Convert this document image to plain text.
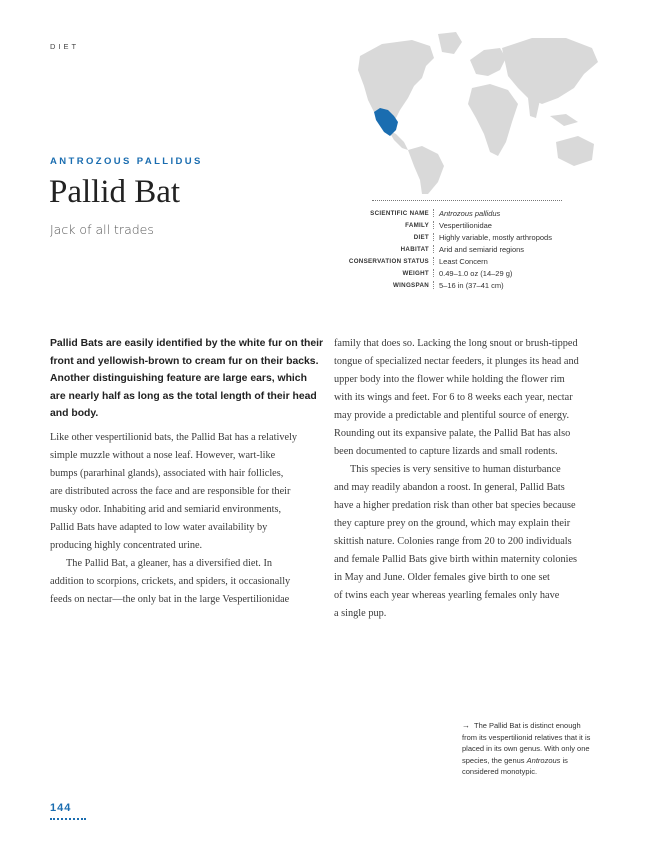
DIET
ANTROZOUS PALLIDUS
Pallid Bat
Jack of all trades
SCIENTIFIC NAME	Antrozous pallidus
FAMILY	Vespertilionidae
DIET	Highly variable, mostly arthropods
HABITAT	Arid and semiarid regions
CONSERVATION STATUS	Least Concern
WEIGHT	0.49–1.0 oz (14–29 g)
WINGSPAN	5–16 in (37–41 cm)
Pallid Bats are easily identified by the white fur on their
front and yellowish-brown to cream fur on their backs.
Another distinguishing feature are large ears, which
are nearly half as long as the total length of their head
and body.

Like other vespertilionid bats, the Pallid Bat has a relatively
simple muzzle without a nose leaf. However, wart-like
bumps (pararhinal glands), associated with hair follicles,
are distributed across the face and are responsible for their
musky odor. Inhabiting arid and semiarid environments,
Pallid Bats have adapted to low water availability by
producing highly concentrated urine.

The Pallid Bat, a gleaner, has a diversified diet. In
addition to scorpions, crickets, and spiders, it occasionally
feeds on nectar—the only bat in the large Vespertilionidae

family that does so. Lacking the long snout or brush-tipped
tongue of specialized nectar feeders, it plunges its head and
upper body into the flower while holding the flower rim
with its wings and feet. For 6 to 8 weeks each year, nectar
may provide a predictable and plentiful source of energy.
Rounding out its expansive palate, the Pallid Bat has also
been documented to capture lizards and small rodents.

This species is very sensitive to human disturbance
and may readily abandon a roost. In general, Pallid Bats
have a higher predation risk than other bat species because
they capture prey on the ground, which may explain their
skittish nature. Colonies range from 20 to 200 individuals
and female Pallid Bats give birth within maternity colonies
in May and June. Older females give birth to one set
of twins each year whereas yearling females only have
a single pup.

→ The Pallid Bat is distinct enough
from its vespertilionid relatives that it is
placed in its own genus. With only one
species, the genus Antrozous is
considered monotypic.
144
